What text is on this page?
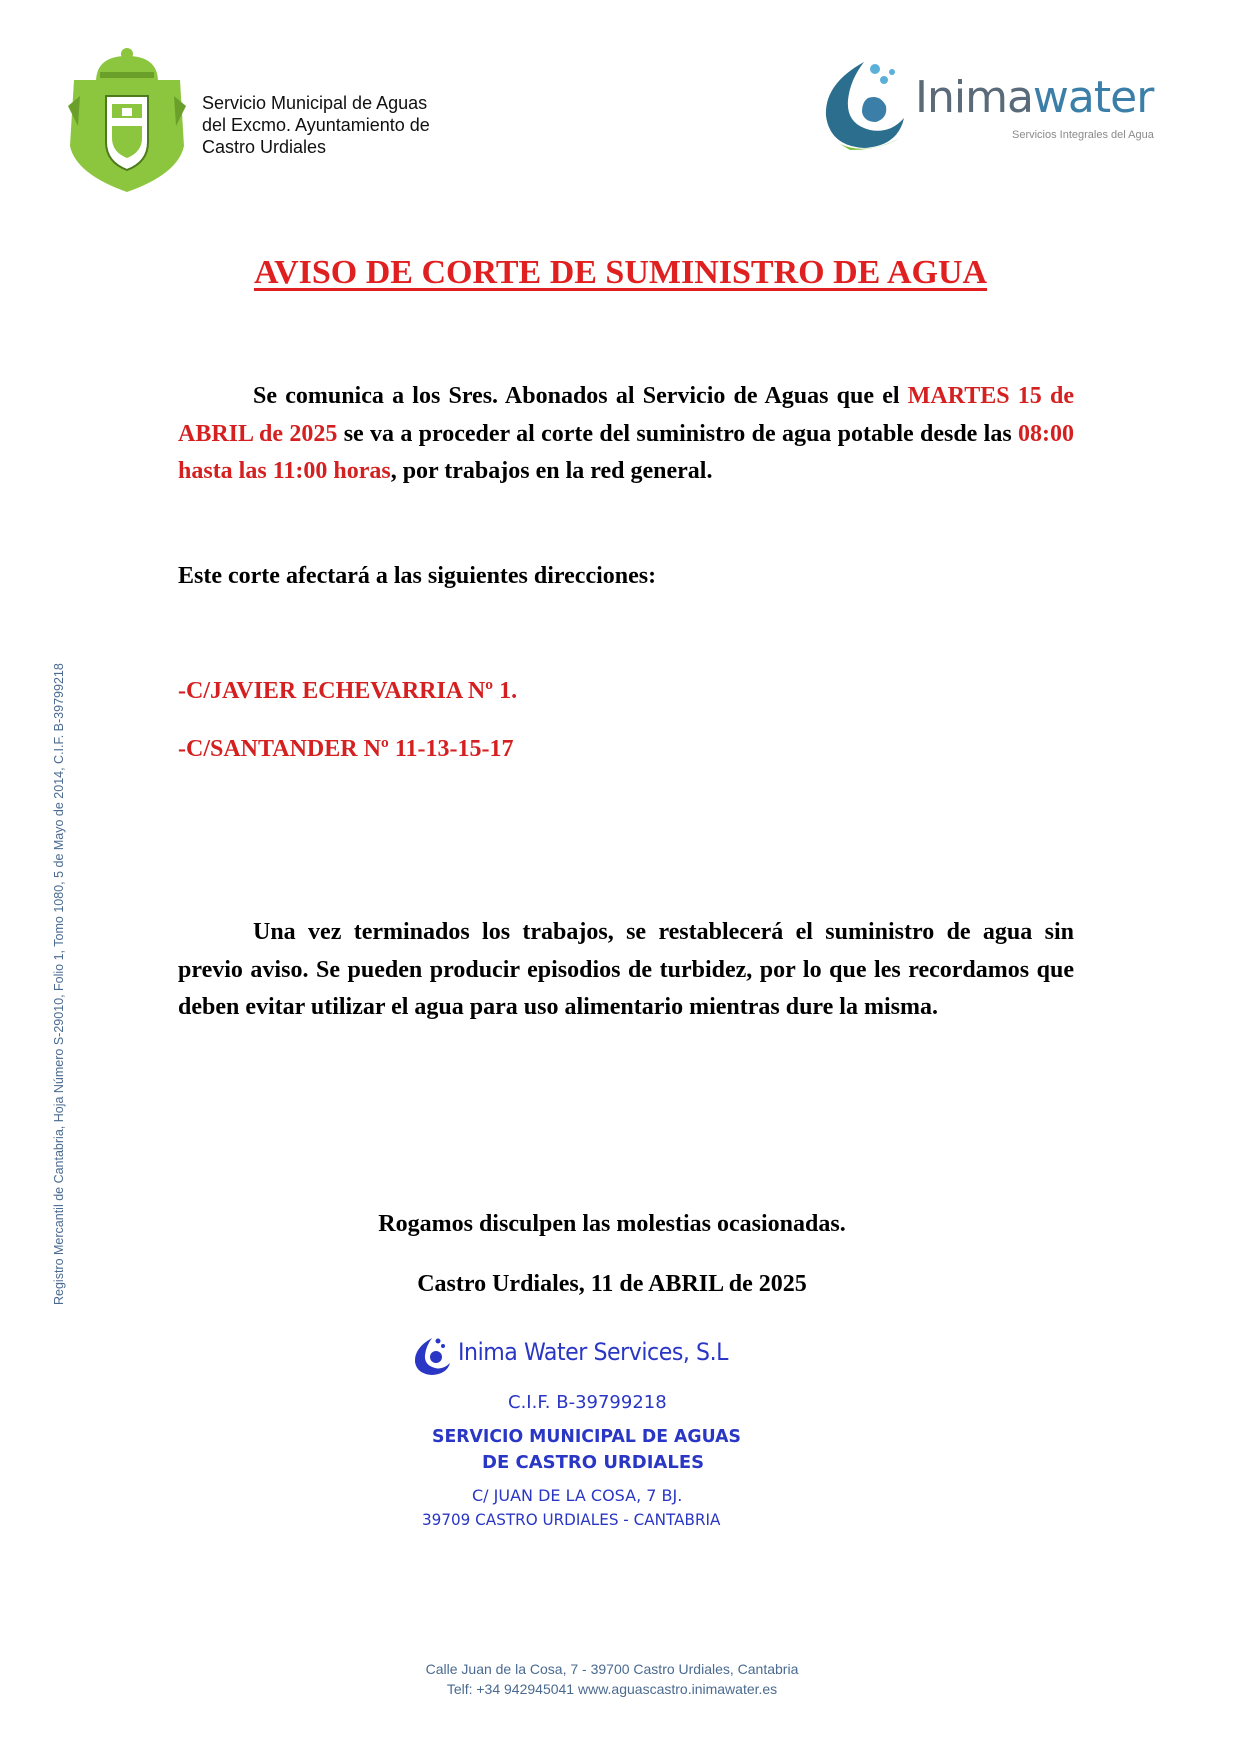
Servicio Municipal de Aguas
del Excmo. Ayuntamiento de
Castro Urdiales
Inimawater
Servicios Integrales del Agua
AVISO DE CORTE DE SUMINISTRO DE AGUA
Se comunica a los Sres. Abonados al Servicio de Aguas que el MARTES 15 de ABRIL de 2025 se va a proceder al corte del suministro de agua potable desde las 08:00 hasta las 11:00 horas, por trabajos en la red general.
Este corte afectará a las siguientes direcciones:
-C/JAVIER ECHEVARRIA Nº 1.
-C/SANTANDER Nº 11-13-15-17
Una vez terminados los trabajos, se restablecerá el suministro de agua sin previo aviso. Se pueden producir episodios de turbidez, por lo que les recordamos que deben evitar utilizar el agua para uso alimentario mientras dure la misma.
Rogamos disculpen las molestias ocasionadas.
Castro Urdiales, 11 de ABRIL de 2025
Inima Water Services, S.L
C.I.F. B-39799218
SERVICIO MUNICIPAL DE AGUAS
DE CASTRO URDIALES
C/ JUAN DE LA COSA, 7 BJ.
39709 CASTRO URDIALES - CANTABRIA
Registro Mercantil de Cantabria, Hoja Número S-29010, Folio 1, Tomo 1080, 5 de Mayo de 2014, C.I.F. B-39799218
Calle Juan de la Cosa, 7 - 39700 Castro Urdiales, Cantabria
Telf: +34 942945041 www.aguascastro.inimawater.es
